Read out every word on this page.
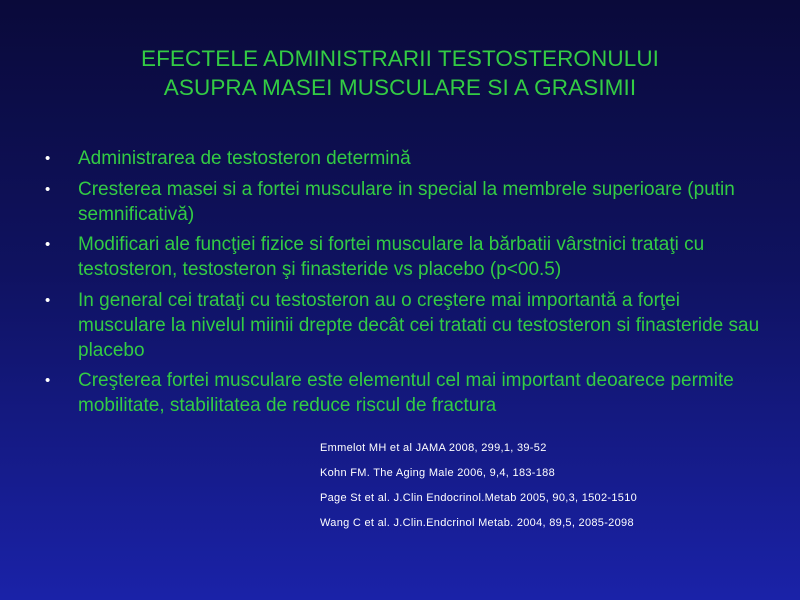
EFECTELE ADMINISTRARII TESTOSTERONULUI
ASUPRA MASEI MUSCULARE SI A GRASIMII
• Administrarea de testosteron determină
• Cresterea masei si a fortei musculare in special la membrele superioare (putin semnificativă)
• Modificari ale funcţiei fizice si fortei musculare la bărbatii vârstnici trataţi cu testosteron, testosteron şi finasteride vs placebo (p<00.5)
• In general cei trataţi cu testosteron au o creştere mai importantă a forţei musculare la nivelul miinii drepte decât cei tratati cu testosteron si finasteride sau placebo
• Creşterea fortei musculare este elementul cel mai important deoarece permite mobilitate, stabilitatea de reduce riscul de fractura
Emmelot MH et al JAMA 2008, 299,1, 39-52
Kohn FM. The Aging Male 2006, 9,4, 183-188
Page St et al. J.Clin Endocrinol.Metab 2005, 90,3, 1502-1510
Wang C et al. J.Clin.Endcrinol Metab. 2004, 89,5, 2085-2098
